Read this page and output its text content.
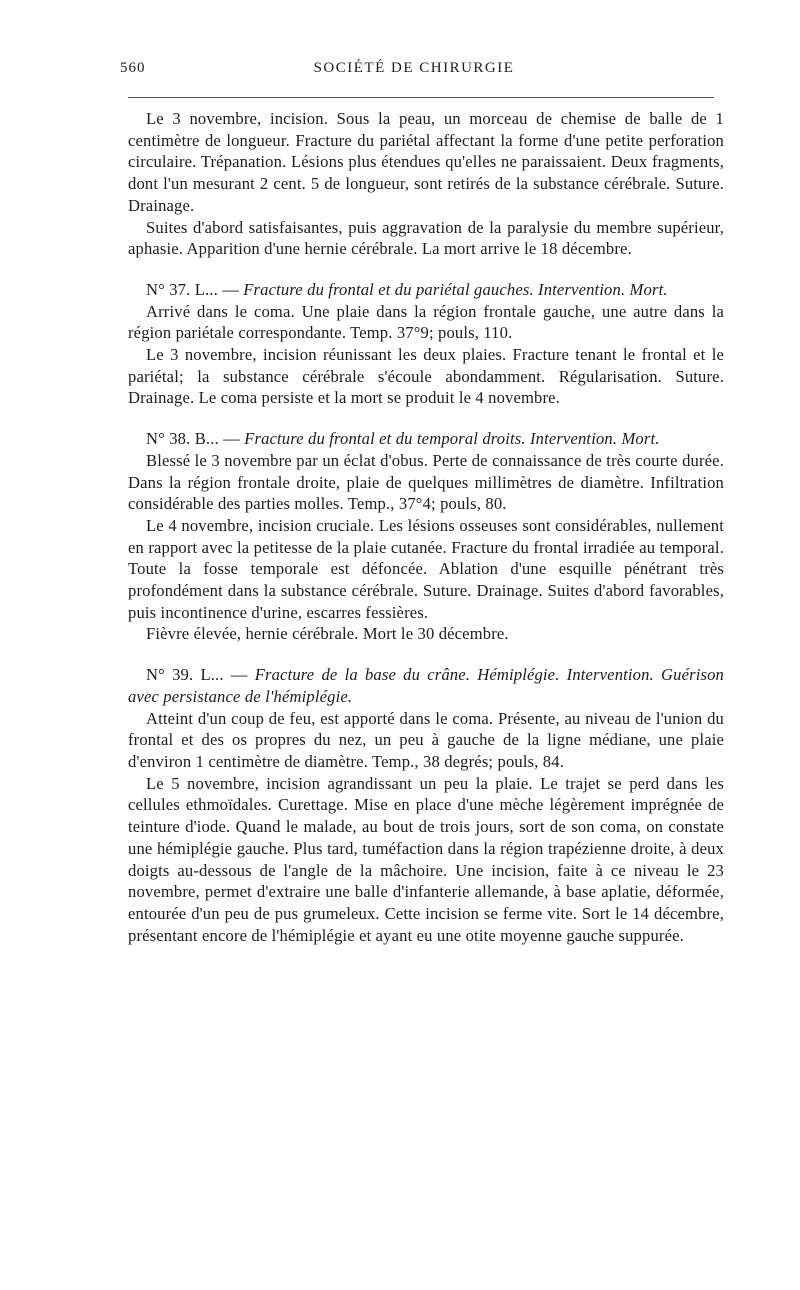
560	SOCIÉTÉ DE CHIRURGIE

Le 3 novembre, incision. Sous la peau, un morceau de chemise de balle de 1 centimètre de longueur. Fracture du pariétal affectant la forme d'une petite perforation circulaire. Trépanation. Lésions plus étendues qu'elles ne paraissaient. Deux fragments, dont l'un mesurant 2 cent. 5 de longueur, sont retirés de la substance cérébrale. Suture. Drainage.

Suites d'abord satisfaisantes, puis aggravation de la paralysie du membre supérieur, aphasie. Apparition d'une hernie cérébrale. La mort arrive le 18 décembre.

N° 37. L... — Fracture du frontal et du pariétal gauches. Intervention. Mort.

Arrivé dans le coma. Une plaie dans la région frontale gauche, une autre dans la région pariétale correspondante. Temp. 37°9; pouls, 110.

Le 3 novembre, incision réunissant les deux plaies. Fracture tenant le frontal et le pariétal; la substance cérébrale s'écoule abondamment. Régularisation. Suture. Drainage. Le coma persiste et la mort se produit le 4 novembre.

N° 38. B... — Fracture du frontal et du temporal droits. Intervention. Mort.

Blessé le 3 novembre par un éclat d'obus. Perte de connaissance de très courte durée. Dans la région frontale droite, plaie de quelques millimètres de diamètre. Infiltration considérable des parties molles. Temp., 37°4; pouls, 80.

Le 4 novembre, incision cruciale. Les lésions osseuses sont considérables, nullement en rapport avec la petitesse de la plaie cutanée. Fracture du frontal irradiée au temporal. Toute la fosse temporale est défoncée. Ablation d'une esquille pénétrant très profondément dans la substance cérébrale. Suture. Drainage. Suites d'abord favorables, puis incontinence d'urine, escarres fessières.

Fièvre élevée, hernie cérébrale. Mort le 30 décembre.

N° 39. L... — Fracture de la base du crâne. Hémiplégie. Intervention. Guérison avec persistance de l'hémiplégie.

Atteint d'un coup de feu, est apporté dans le coma. Présente, au niveau de l'union du frontal et des os propres du nez, un peu à gauche de la ligne médiane, une plaie d'environ 1 centimètre de diamètre. Temp., 38 degrés; pouls, 84.

Le 5 novembre, incision agrandissant un peu la plaie. Le trajet se perd dans les cellules ethmoïdales. Curettage. Mise en place d'une mèche légèrement imprégnée de teinture d'iode. Quand le malade, au bout de trois jours, sort de son coma, on constate une hémiplégie gauche. Plus tard, tuméfaction dans la région trapézienne droite, à deux doigts au-dessous de l'angle de la mâchoire. Une incision, faite à ce niveau le 23 novembre, permet d'extraire une balle d'infanterie allemande, à base aplatie, déformée, entourée d'un peu de pus grumeleux. Cette incision se ferme vite. Sort le 14 décembre, présentant encore de l'hémiplégie et ayant eu une otite moyenne gauche suppurée.
